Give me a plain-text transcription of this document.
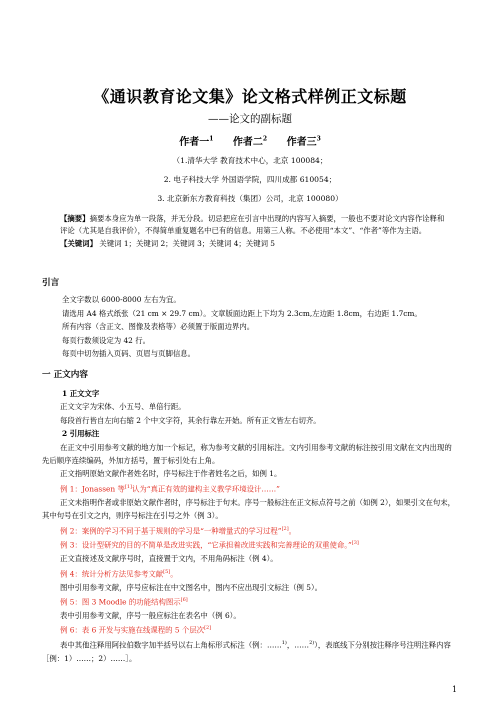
《通识教育论文集》论文格式样例正文标题
——论文的副标题
作者一$^1$ 作者二$^2$ 作者三$^3$
（1.清华大学 教育技术中心，北京 100084；
2. 电子科技大学 外国语学院，四川成都 610054；
3. 北京新东方教育科技（集团）公司，北京 100080）
【摘要】摘要本身应为单一段落，并无分段。切忌把应在引言中出现的内容写入摘要，一般也不要对论文内容作诠释和
评论（尤其是自我评价），不得简单重复题名中已有的信息。用第三人称。不必使用“本文”、“作者”等作为主语。
【关键词】 关键词 1；关键词 2；关键词 3；关键词 4；关键词 5
引言
全文字数以 6000-8000 左右为宜。
请选用 A4 格式纸张（21 cm × 29.7 cm）。文章版面边距上下均为 2.3cm,左边距 1.8cm，右边距 1.7cm。
所有内容（含正文、图像及表格等）必须置于版面边界内。
每页行数须设定为 42 行。
每页中切勿插入页码、页眉与页脚信息。
一 正文内容
1 正文文字
正文文字为宋体、小五号、单倍行距。
每段首行皆自左向右缩 2 个中文字符，其余行靠左开始。所有正文皆左右切齐。
2 引用标注
在正文中引用参考文献的地方加一个标记，称为参考文献的引用标注。文内引用参考文献的标注按引用文献在文内出现的
先后顺序连续编码，外加方括号，置于标引处右上角。
正文指明原始文献作者姓名时，序号标注于作者姓名之后，如例 1。
例 1：Jonassen 等[1]认为“真正有效的建构主义教学环境设计……”
正文未指明作者或非原始文献作者时，序号标注于句末。序号一般标注在正文标点符号之前（如例 2），如果引文在句末，
其中句号在引文之内，则序号标注在引号之外（例 3）。
例 2：案例的学习不同于基于规则的学习是“一种增量式的学习过程”[2]。
例 3：设计型研究的目的不简单是改进实践，“它承担着改进实践和完善理论的双重使命。”[3]
正文直接述及文献序号时，直接置于文内，不用角码标注（例 4）。
例 4：统计分析方法见参考文献[5]。
图中引用参考文献，序号应标注在中文图名中，图内不应出现引文标注（例 5）。
例 5：图 3 Moodle 的功能结构图示[6]
表中引用参考文献，序号一般应标注在表名中（例 6）。
例 6：表 6 开发与实施在线课程的 5 个层次[2]
表中其他注释用阿拉伯数字加半括号以右上角标形式标注（例：……$^{1)}$，……$^{2)}$），表底线下分别按注释序号注明注释内容
［例：1）……；2）……］。
1
